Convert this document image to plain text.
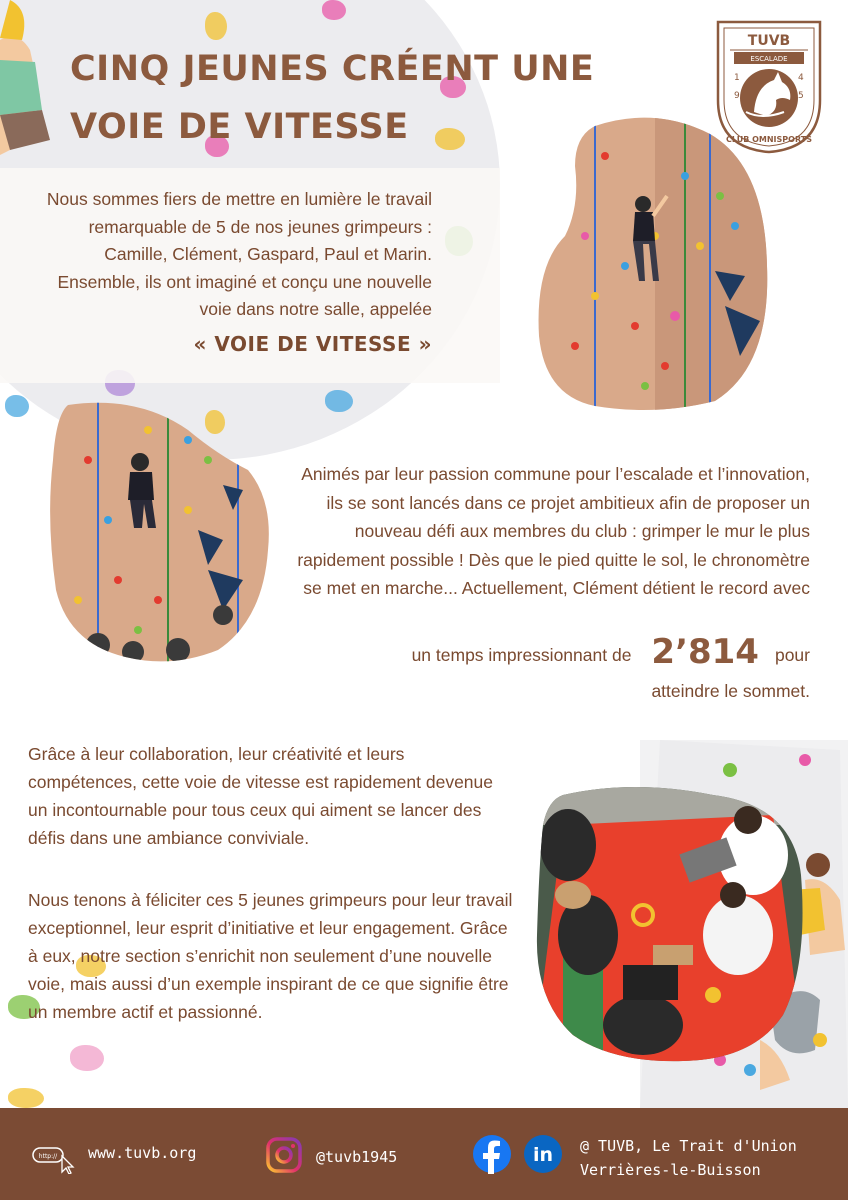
CINQ JEUNES CRÉENT UNE VOIE DE VITESSE
TUVB
ESCALADE
1
9
4
5
CLUB OMNISPORTS
Nous sommes fiers de mettre en lumière le travail remarquable de 5 de nos jeunes grimpeurs : Camille, Clément, Gaspard, Paul et Marin. Ensemble, ils ont imaginé et conçu une nouvelle voie dans notre salle, appelée
« VOIE DE VITESSE »
Animés par leur passion commune pour l’escalade et l’innovation, ils se sont lancés dans ce projet ambitieux afin de proposer un nouveau défi aux membres du club : grimper le mur le plus rapidement possible ! Dès que le pied quitte le sol, le chronomètre se met en marche... Actuellement, Clément détient le record avec
un temps impressionnant de 2’814 pour
atteindre le sommet.
Grâce à leur collaboration, leur créativité et leurs compétences, cette voie de vitesse est rapidement devenue un incontournable pour tous ceux qui aiment se lancer des défis dans une ambiance conviviale.
Nous tenons à féliciter ces 5 jeunes grimpeurs pour leur travail exceptionnel, leur esprit d’initiative et leur engagement. Grâce à eux, notre section s’enrichit non seulement d’une nouvelle voie, mais aussi d’un exemple inspirant de ce que signifie être un membre actif et passionné.
http:// www.tuvb.org	@tuvb1945	in @ TUVB, Le Trait d'Union
Verrières-le-Buisson
